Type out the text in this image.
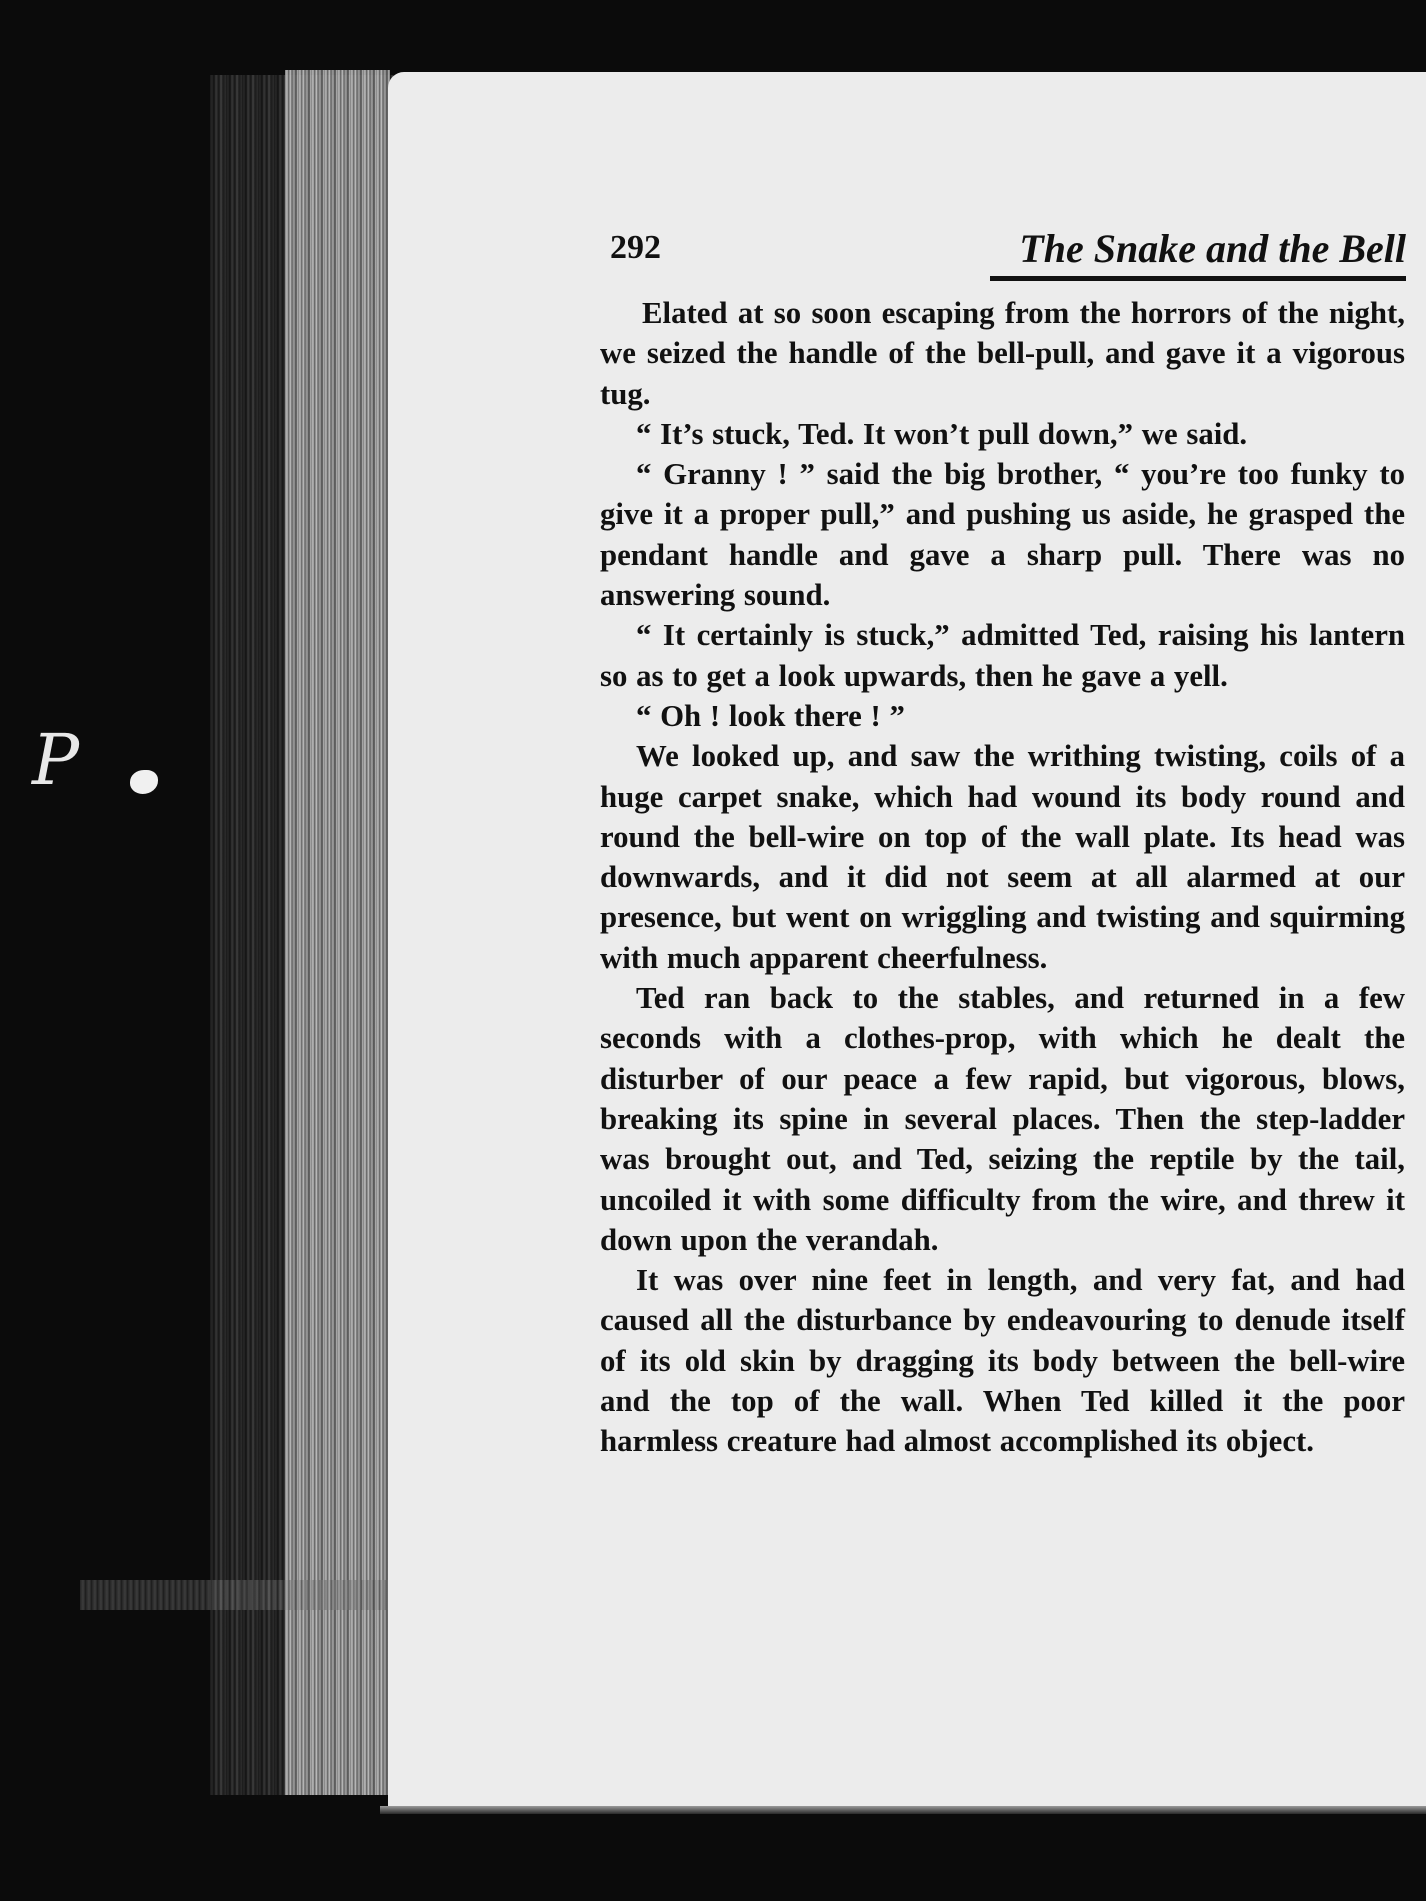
P
292	The Snake and the Bell

Elated at so soon escaping from the horrors of the night, we seized the handle of the bell-pull, and gave it a vigorous tug.

“ It’s stuck, Ted. It won’t pull down,” we said.

“ Granny ! ” said the big brother, “ you’re too funky to give it a proper pull,” and pushing us aside, he grasped the pendant handle and gave a sharp pull. There was no answering sound.

“ It certainly is stuck,” admitted Ted, raising his lantern so as to get a look upwards, then he gave a yell.

“ Oh ! look there ! ”

We looked up, and saw the writhing twisting, coils of a huge carpet snake, which had wound its body round and round the bell-wire on top of the wall plate. Its head was downwards, and it did not seem at all alarmed at our presence, but went on wriggling and twisting and squirming with much apparent cheerfulness.

Ted ran back to the stables, and returned in a few seconds with a clothes-prop, with which he dealt the disturber of our peace a few rapid, but vigorous, blows, breaking its spine in several places. Then the step-ladder was brought out, and Ted, seizing the reptile by the tail, uncoiled it with some difficulty from the wire, and threw it down upon the verandah.

It was over nine feet in length, and very fat, and had caused all the disturbance by endeavouring to denude itself of its old skin by dragging its body between the bell-wire and the top of the wall. When Ted killed it the poor harmless creature had almost accomplished its object.
